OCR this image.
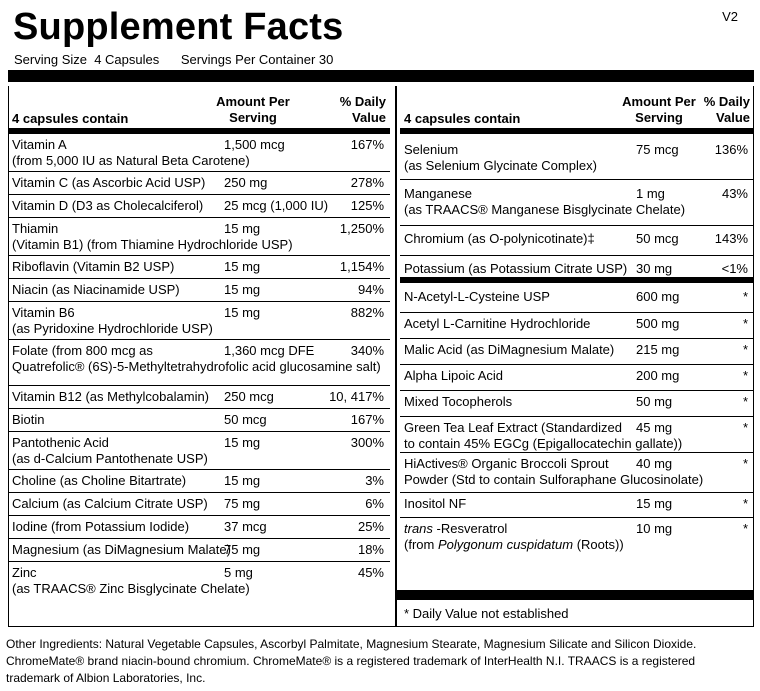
Supplement Facts	V2
Serving Size  4 Capsules Servings Per Container 30
4 capsules contain
Amount Per
Serving
% Daily
Value
Vitamin A
(from 5,000 IU as Natural Beta Carotene)
1,500 mcg	167%
Vitamin C (as Ascorbic Acid USP) 250 mg	278%
Vitamin D (D3 as Cholecalciferol) 25 mcg (1,000 IU) 125%
Thiamin
(Vitamin B1) (from Thiamine Hydrochloride USP)
15 mg	1,250%
Riboflavin (Vitamin B2 USP)	15 mg	1,154%
Niacin (as Niacinamide USP)	15 mg	94%
Vitamin B6
(as Pyridoxine Hydrochloride USP)
15 mg	882%
Folate (from 800 mcg as
Quatrefolic® (6S)-5-Methyltetrahydrofolic acid glucosamine salt)
1,360 mcg DFE	340%
Vitamin B12 (as Methylcobalamin) 250 mcg	10, 417%
Biotin	50 mcg	167%
Pantothenic Acid
(as d-Calcium Pantothenate USP)
15 mg	300%
Choline (as Choline Bitartrate)	15 mg	3%
Calcium (as Calcium Citrate USP) 75 mg	6%
Iodine (from Potassium Iodide)	37 mcg	25%
Magnesium (as DiMagnesium Malate)
75 mg	18%
Zinc
(as TRAACS® Zinc Bisglycinate Chelate)
5 mg	45%
4 capsules contain
Amount Per
Serving
% Daily
Value
Selenium
(as Selenium Glycinate Complex)
75 mcg	136%
Manganese
(as TRAACS® Manganese Bisglycinate Chelate)
1 mg	43%
Chromium (as O-polynicotinate)‡	50 mcg	143%
Potassium (as Potassium Citrate USP) 30 mg	<1%
N-Acetyl-L-Cysteine USP	600 mg	*
Acetyl L-Carnitine Hydrochloride	500 mg	*
Malic Acid (as DiMagnesium Malate) 215 mg	*
Alpha Lipoic Acid	200 mg	*
Mixed Tocopherols	50 mg	*
Green Tea Leaf Extract (Standardized
to contain 45% EGCg (Epigallocatechin gallate))
45 mg	*
HiActives® Organic Broccoli Sprout
Powder (Std to contain Sulforaphane Glucosinolate)
40 mg	*
Inositol NF	15 mg	*
trans -Resveratrol
(from Polygonum cuspidatum (Roots))
10 mg	*
* Daily Value not established
Other Ingredients: Natural Vegetable Capsules, Ascorbyl Palmitate, Magnesium Stearate, Magnesium Silicate and Silicon Dioxide.
ChromeMate® brand niacin-bound chromium. ChromeMate® is a registered trademark of InterHealth N.I. TRAACS is a registered
trademark of Albion Laboratories, Inc.
